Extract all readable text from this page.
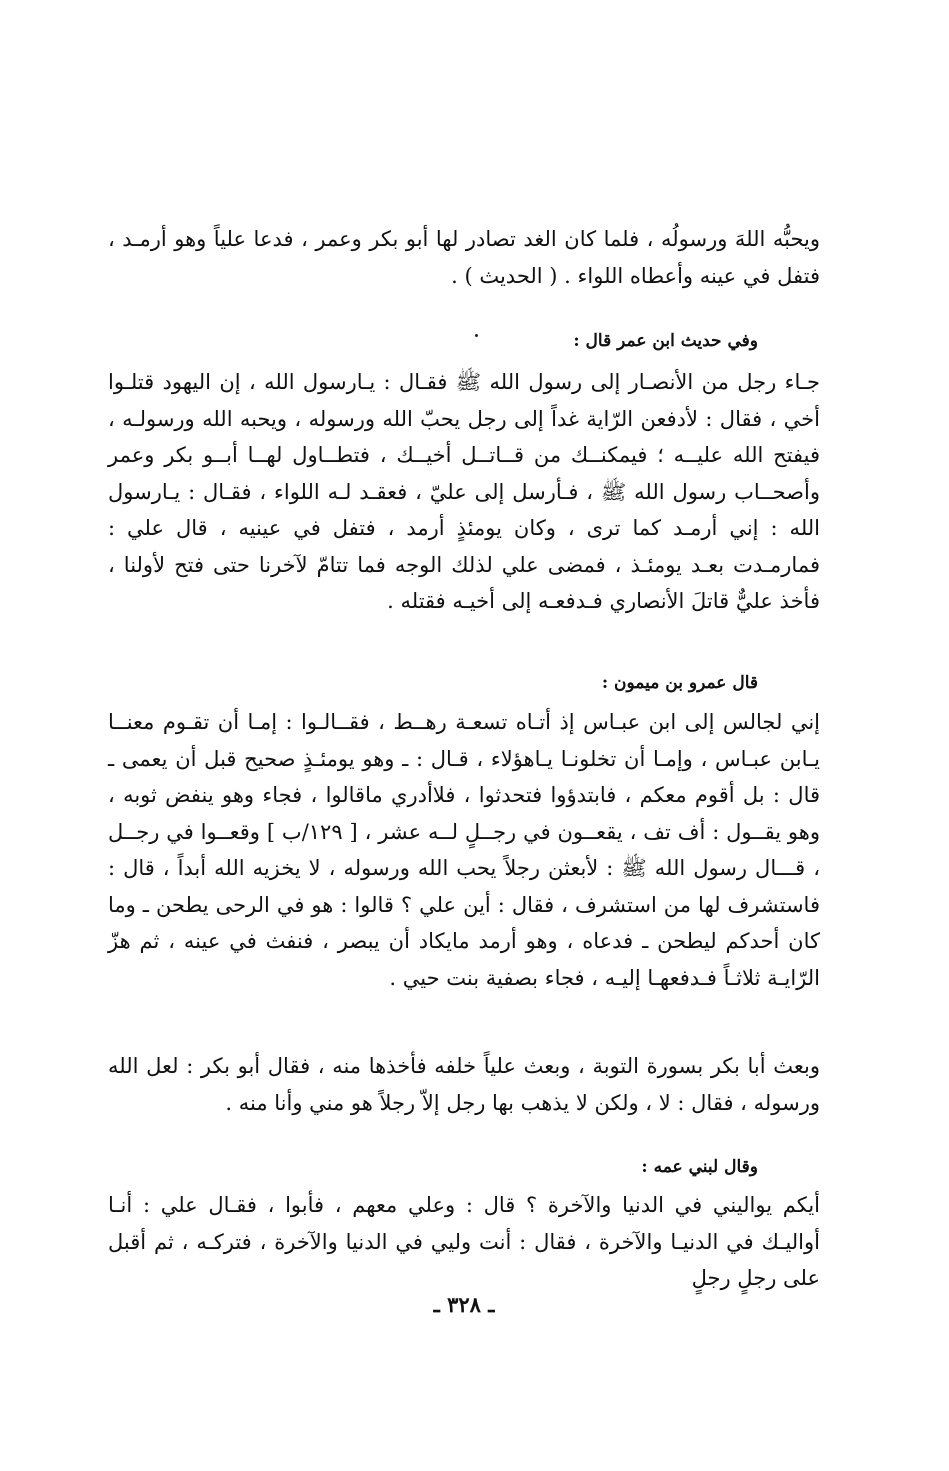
ويحبُّه اللهَ ورسولُه ، فلما كان الغد تصادر لها أبو بكر وعمر ، فدعا علياً وهو أرمـد ، فتفل في عينه وأعطاه اللواء . ( الحديث ) .

وفي حديث ابن عمر قال :

جـاء رجل من الأنصـار إلى رسول الله ﷺ فقـال : يـارسول الله ، إن اليهود قتلـوا أخي ، فقال : لأدفعن الرّاية غداً إلى رجل يحبّ الله ورسوله ، ويحبه الله ورسولـه ، فيفتح الله عليــه ؛ فيمكنــك من قــاتــل أخيــك ، فتطــاول لهــا أبــو بكر وعمر وأصحــاب رسول الله ﷺ ، فـأرسل إلى عليّ ، فعقـد لـه اللواء ، فقـال : يـارسول الله : إني أرمـد كما ترى ، وكان يومئذٍ أرمد ، فتفل في عينيه ، قال علي : فمارمـدت بعـد يومئـذ ، فمضى علي لذلك الوجه فما تتامّ لآخرنا حتى فتح لأولنا ، فأخذ عليٌّ قاتلَ الأنصاري فـدفعـه إلى أخيـه فقتله .

قال عمرو بن ميمون :

إني لجالس إلى ابن عبـاس إذ أتـاه تسعـة رهــط ، فقــالـوا : إمـا أن تقـوم معنــا يـابن عبـاس ، وإمـا أن تخلونـا يـاهؤلاء ، قـال : ـ وهو يومئـذٍ صحيح قبل أن يعمى ـ قال : بل أقوم معكم ، فابتدؤوا فتحدثوا ، فلاأدري ماقالوا ، فجاء وهو ينفض ثوبه ، وهو يقــول : أف تف ، يقعــون في رجــلٍ لــه عشر ، [ ١٢٩/ب ] وقعــوا في رجــل ، قـــال رسول الله ﷺ : لأبعثن رجلاً يحب الله ورسوله ، لا يخزيه الله أبداً ، قال : فاستشرف لها من استشرف ، فقال : أين علي ؟ قالوا : هو في الرحى يطحن ـ وما كان أحدكم ليطحن ـ فدعاه ، وهو أرمد مايكاد أن يبصر ، فنفث في عينه ، ثم هزّ الرّايـة ثلاثـاً فـدفعهـا إليـه ، فجاء بصفية بنت حيي .

وبعث أبا بكر بسورة التوبة ، وبعث علياً خلفه فأخذها منه ، فقال أبو بكر : لعل الله ورسوله ، فقال : لا ، ولكن لا يذهب بها رجل إلاّ رجلاً هو مني وأنا منه .

وقال لبني عمه :

أيكم يواليني في الدنيا والآخرة ؟ قال : وعلي معهم ، فأبوا ، فقـال علي : أنـا أواليـك في الدنيـا والآخرة ، فقال : أنت وليي في الدنيا والآخرة ، فتركـه ، ثم أقبل على رجلٍ رجلٍ

ـ ٣٢٨ ـ
